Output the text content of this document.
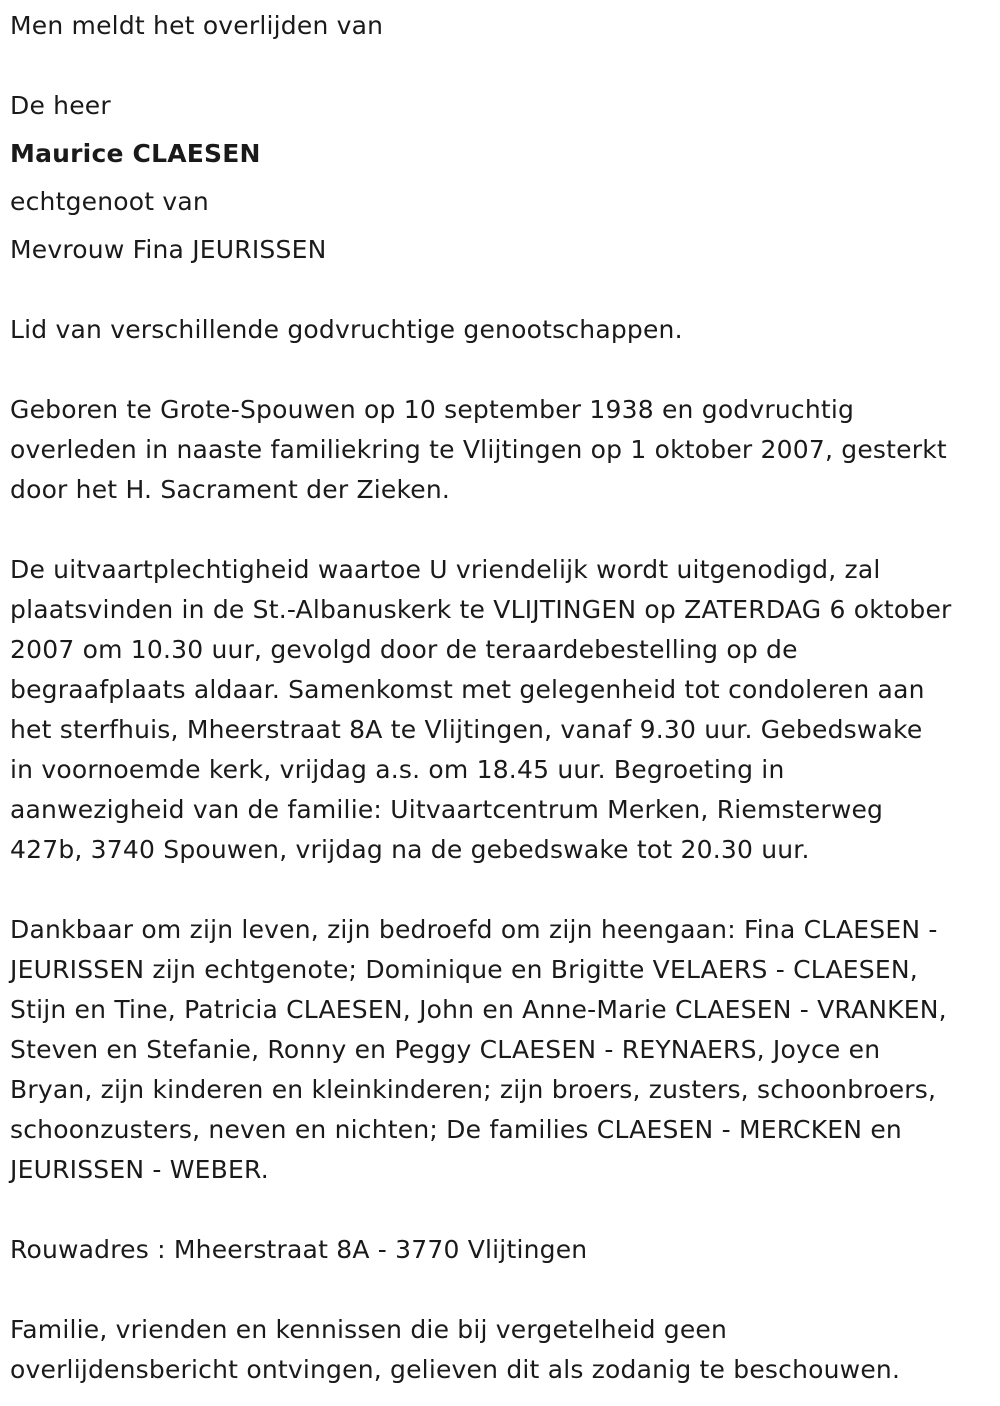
Men meldt het overlijden van
De heer
Maurice CLAESEN
echtgenoot van
Mevrouw Fina JEURISSEN
Lid van verschillende godvruchtige genootschappen.
Geboren te Grote-Spouwen op 10 september 1938 en godvruchtig
overleden in naaste familiekring te Vlijtingen op 1 oktober 2007, gesterkt
door het H. Sacrament der Zieken.
De uitvaartplechtigheid waartoe U vriendelijk wordt uitgenodigd, zal
plaatsvinden in de St.-Albanuskerk te VLIJTINGEN op ZATERDAG 6 oktober
2007 om 10.30 uur, gevolgd door de teraardebestelling op de
begraafplaats aldaar. Samenkomst met gelegenheid tot condoleren aan
het sterfhuis, Mheerstraat 8A te Vlijtingen, vanaf 9.30 uur. Gebedswake
in voornoemde kerk, vrijdag a.s. om 18.45 uur. Begroeting in
aanwezigheid van de familie: Uitvaartcentrum Merken, Riemsterweg
427b, 3740 Spouwen, vrijdag na de gebedswake tot 20.30 uur.
Dankbaar om zijn leven, zijn bedroefd om zijn heengaan: Fina CLAESEN -
JEURISSEN zijn echtgenote; Dominique en Brigitte VELAERS - CLAESEN,
Stijn en Tine, Patricia CLAESEN, John en Anne-Marie CLAESEN - VRANKEN,
Steven en Stefanie, Ronny en Peggy CLAESEN - REYNAERS, Joyce en
Bryan, zijn kinderen en kleinkinderen; zijn broers, zusters, schoonbroers,
schoonzusters, neven en nichten; De families CLAESEN - MERCKEN en
JEURISSEN - WEBER.
Rouwadres : Mheerstraat 8A - 3770 Vlijtingen
Familie, vrienden en kennissen die bij vergetelheid geen
overlijdensbericht ontvingen, gelieven dit als zodanig te beschouwen.
